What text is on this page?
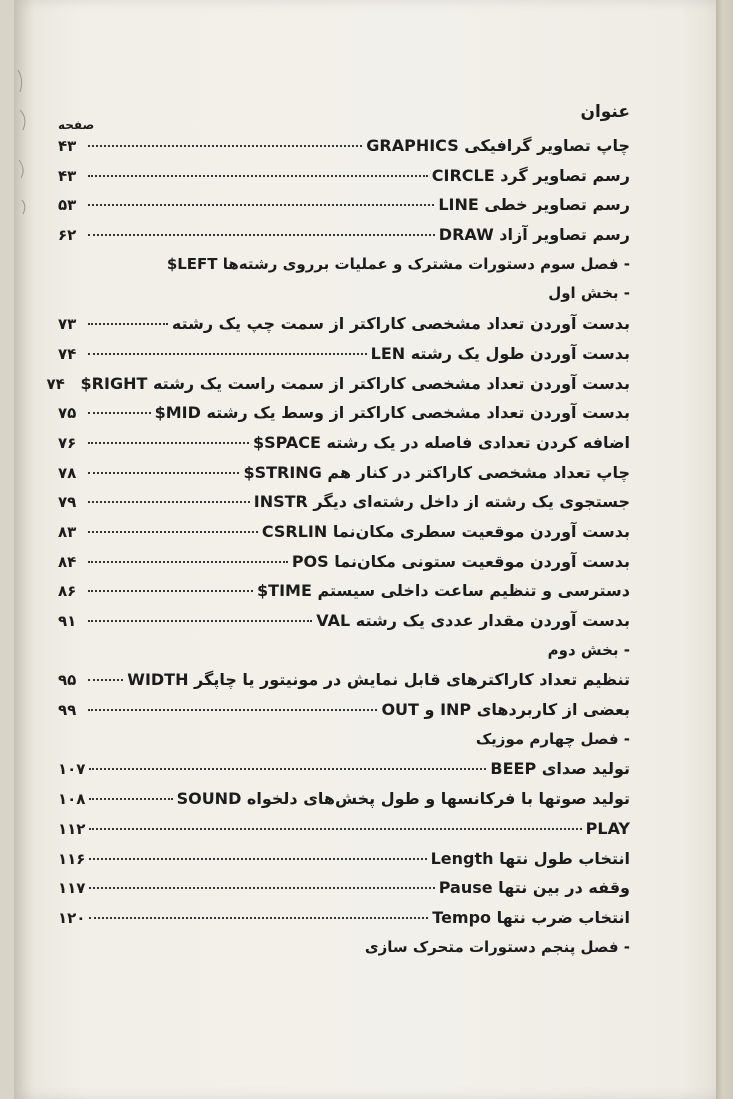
عنوان
صفحه
چاپ تصاویر گرافیکی GRAPHICS
۴۳
رسم تصاویر گرد CIRCLE
۴۳
رسم تصاویر خطی LINE
۵۳
رسم تصاویر آزاد DRAW
۶۲
- فصل سوم دستورات مشترک و عملیات برروی رشته‌ها LEFT$
- بخش اول
بدست آوردن تعداد مشخصی کاراکتر از سمت چپ یک رشته
۷۳
بدست آوردن طول یک رشته LEN
۷۴
بدست آوردن تعداد مشخصی کاراکتر از سمت راست یک رشته RIGHT$
۷۴
بدست آوردن تعداد مشخصی کاراکتر از وسط یک رشته MID$
۷۵
اضافه کردن تعدادی فاصله در یک رشته SPACE$
۷۶
چاپ تعداد مشخصی کاراکتر در کنار هم STRING$
۷۸
جستجوی یک رشته از داخل رشته‌ای دیگر INSTR
۷۹
بدست آوردن موقعیت سطری مکان‌نما CSRLIN
۸۳
بدست آوردن موقعیت ستونی مکان‌نما POS
۸۴
دسترسی و تنظیم ساعت داخلی سیستم TIME$
۸۶
بدست آوردن مقدار عددی یک رشته VAL
۹۱
- بخش دوم
تنظیم تعداد کاراکترهای قابل نمایش در مونیتور یا چاپگر WIDTH
۹۵
بعضی از کاربردهای INP و OUT
۹۹
- فصل چهارم موزیک
تولید صدای BEEP
۱۰۷
تولید صوتها با فرکانسها و طول پخش‌های دلخواه SOUND
۱۰۸
PLAY
۱۱۲
انتخاب طول نتها Length
۱۱۶
وقفه در بین نتها Pause
۱۱۷
انتخاب ضرب نتها Tempo
۱۲۰
- فصل پنجم دستورات متحرک سازی
